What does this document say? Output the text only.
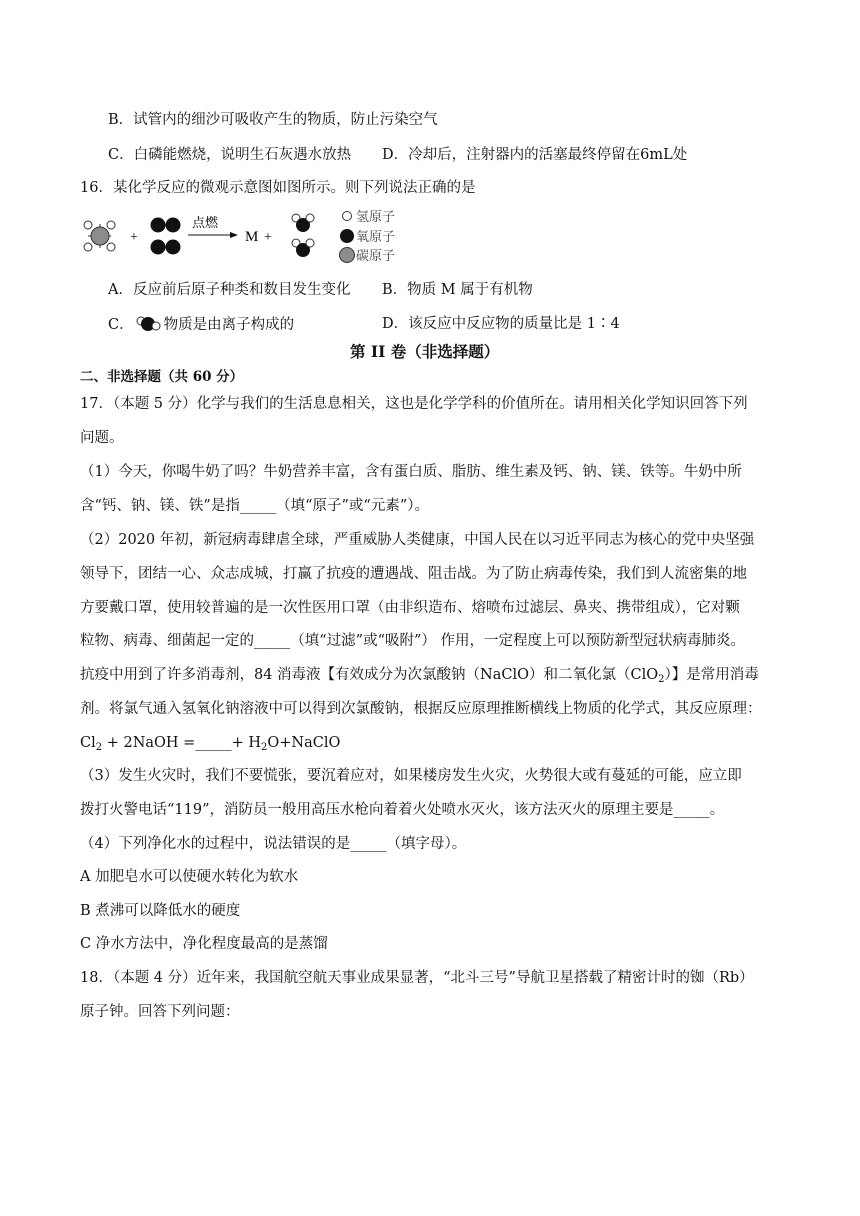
B．试管内的细沙可吸收产生的物质，防止污染空气
C．白磷能燃烧，说明生石灰遇水放热 D．冷却后，注射器内的活塞最终停留在6mL处
16．某化学反应的微观示意图如图所示。则下列说法正确的是
+
点燃
M +
氢原子
氧原子
碳原子
A．反应前后原子种类和数目发生变化 B．物质 M 属于有机物
C． 物质是由离子构成的	D．该反应中反应物的质量比是 1∶4
第 II 卷（非选择题）
二、非选择题（共 60 分）
17．（本题 5 分）化学与我们的生活息息相关，这也是化学学科的价值所在。请用相关化学知识回答下列
问题。
（1）今天，你喝牛奶了吗？牛奶营养丰富，含有蛋白质、脂肪、维生素及钙、钠、镁、铁等。牛奶中所
含“钙、钠、镁、铁”是指_____（填“原子”或“元素”）。
（2）2020 年初，新冠病毒肆虐全球，严重威胁人类健康，中国人民在以习近平同志为核心的党中央坚强
领导下，团结一心、众志成城，打赢了抗疫的遭遇战、阻击战。为了防止病毒传染，我们到人流密集的地
方要戴口罩，使用较普遍的是一次性医用口罩（由非织造布、熔喷布过滤层、鼻夹、携带组成），它对颗
粒物、病毒、细菌起一定的_____（填“过滤”或“吸附”） 作用，一定程度上可以预防新型冠状病毒肺炎。
抗疫中用到了许多消毒剂，84 消毒液【有效成分为次氯酸钠（NaClO）和二氧化氯（ClO$_2$）】是常用消毒
剂。将氯气通入氢氧化钠溶液中可以得到次氯酸钠，根据反应原理推断横线上物质的化学式，其反应原理：
$Cl_2$ + 2NaOH =_____+ $H_2O+NaClO$
（3）发生火灾时，我们不要慌张，要沉着应对，如果楼房发生火灾，火势很大或有蔓延的可能，应立即
拨打火警电话“119”，消防员一般用高压水枪向着着火处喷水灭火，该方法灭火的原理主要是_____。
（4）下列净化水的过程中，说法错误的是_____（填字母）。
A 加肥皂水可以使硬水转化为软水
B 煮沸可以降低水的硬度
C 净水方法中，净化程度最高的是蒸馏
18．（本题 4 分）近年来，我国航空航天事业成果显著，“北斗三号”导航卫星搭载了精密计时的铷（Rb）
原子钟。回答下列问题：
